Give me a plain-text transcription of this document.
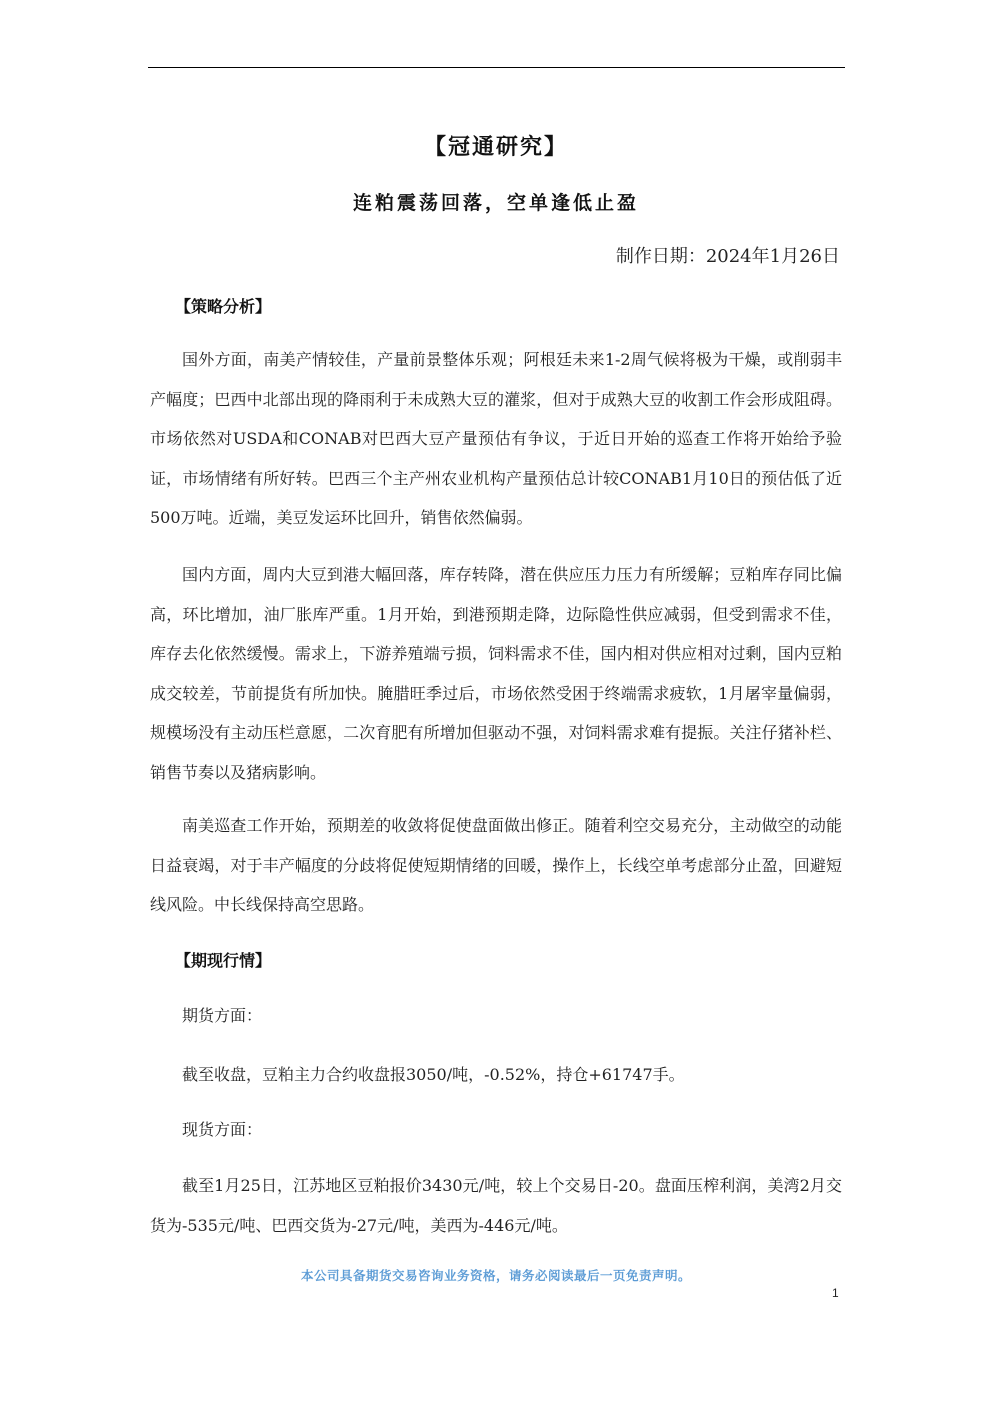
【冠通研究】
连粕震荡回落，空单逢低止盈
制作日期：2024年1月26日
【策略分析】

国外方面，南美产情较佳，产量前景整体乐观；阿根廷未来1-2周气候将极为干燥，或削弱丰产幅度；巴西中北部出现的降雨利于未成熟大豆的灌浆，但对于成熟大豆的收割工作会形成阻碍。市场依然对USDA和CONAB对巴西大豆产量预估有争议，于近日开始的巡查工作将开始给予验证，市场情绪有所好转。巴西三个主产州农业机构产量预估总计较CONAB1月10日的预估低了近500万吨。近端，美豆发运环比回升，销售依然偏弱。

国内方面，周内大豆到港大幅回落，库存转降，潜在供应压力压力有所缓解；豆粕库存同比偏高，环比增加，油厂胀库严重。1月开始，到港预期走降，边际隐性供应减弱，但受到需求不佳，库存去化依然缓慢。需求上，下游养殖端亏损，饲料需求不佳，国内相对供应相对过剩，国内豆粕成交较差，节前提货有所加快。腌腊旺季过后，市场依然受困于终端需求疲软，1月屠宰量偏弱，规模场没有主动压栏意愿，二次育肥有所增加但驱动不强，对饲料需求难有提振。关注仔猪补栏、销售节奏以及猪病影响。

南美巡查工作开始，预期差的收敛将促使盘面做出修正。随着利空交易充分，主动做空的动能日益衰竭，对于丰产幅度的分歧将促使短期情绪的回暖，操作上，长线空单考虑部分止盈，回避短线风险。中长线保持高空思路。

【期现行情】

期货方面：

截至收盘，豆粕主力合约收盘报3050/吨，-0.52%，持仓+61747手。

现货方面：

截至1月25日，江苏地区豆粕报价3430元/吨，较上个交易日-20。盘面压榨利润，美湾2月交货为-535元/吨、巴西交货为-27元/吨，美西为-446元/吨。

本公司具备期货交易咨询业务资格，请务必阅读最后一页免责声明。
1
